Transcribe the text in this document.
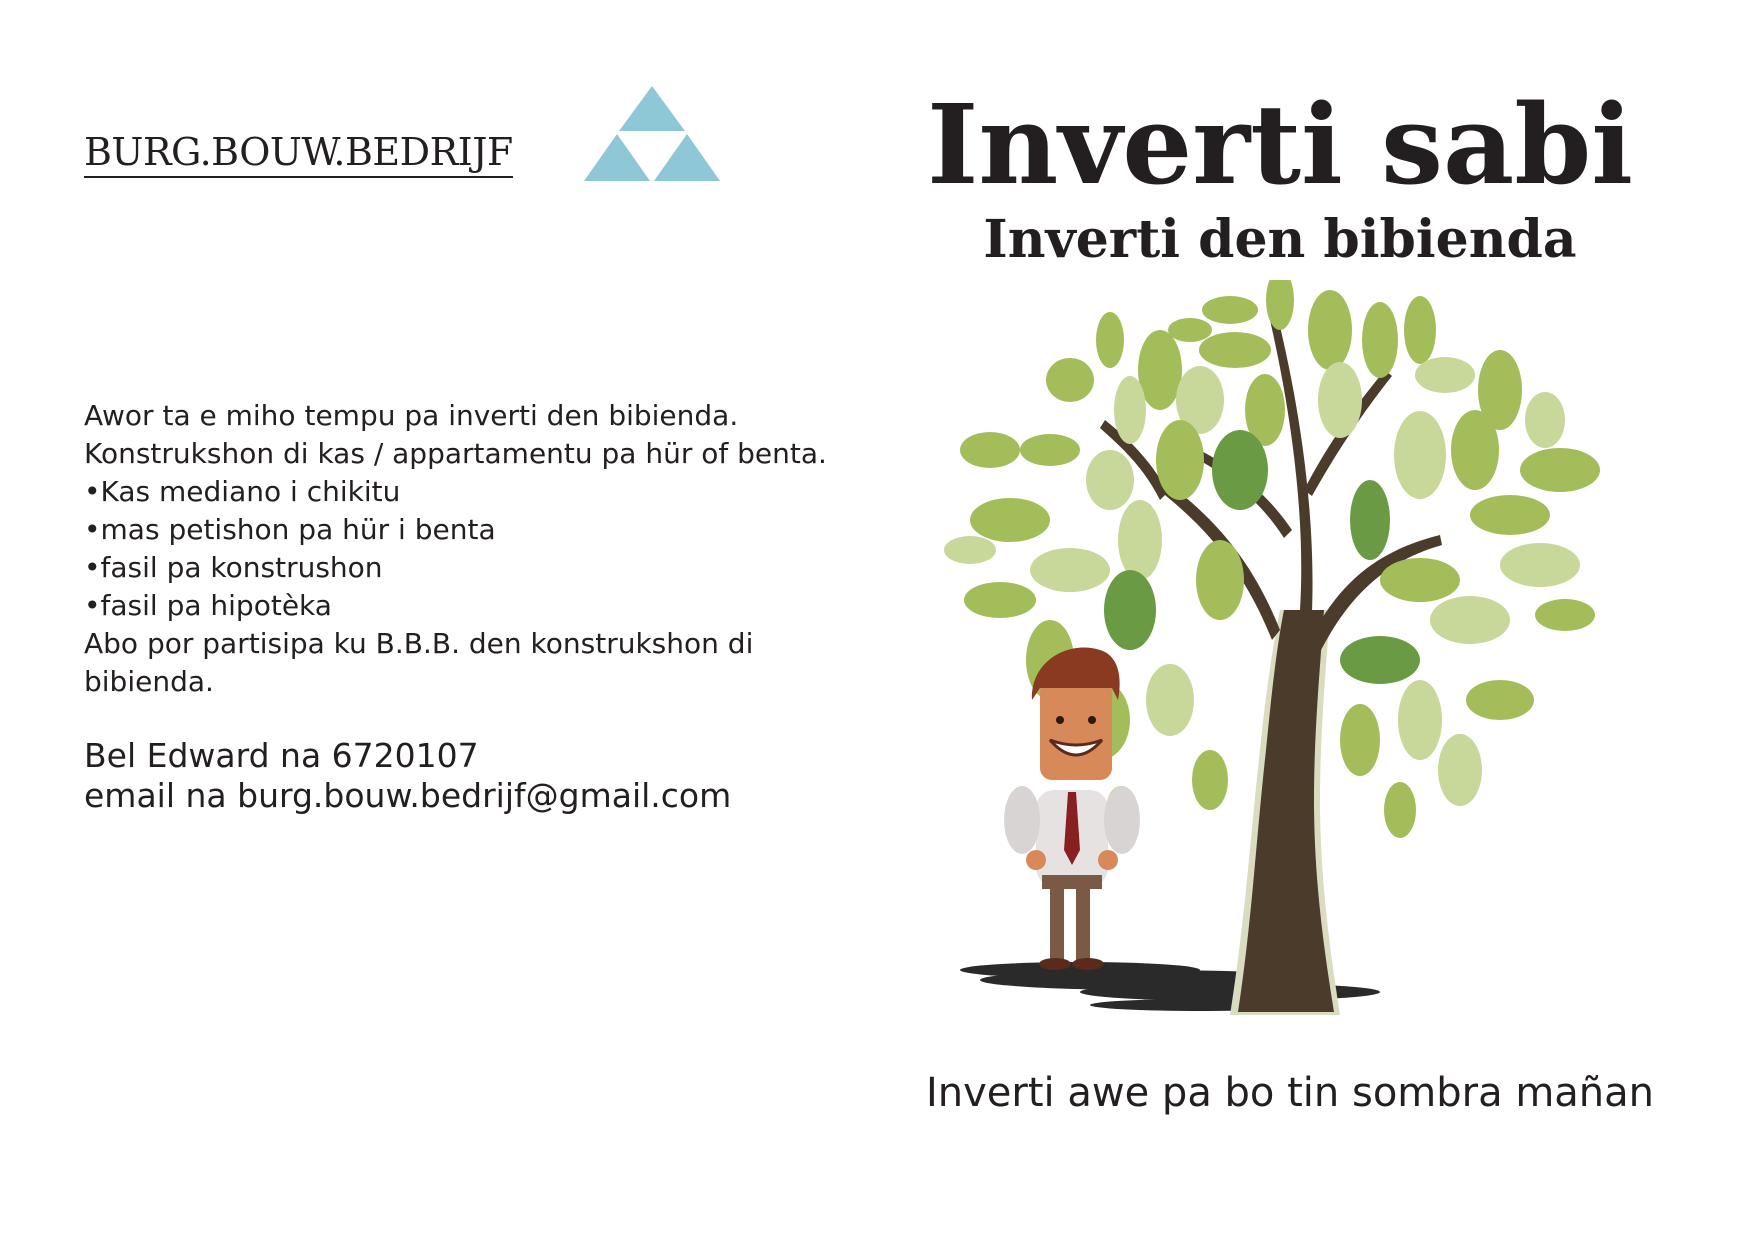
BURG.BOUW.BEDRIJF	Inverti sabi
Inverti den bibienda
Awor ta e miho tempu pa inverti den bibienda.
Konstrukshon di kas / appartamentu pa hür of benta.
•Kas mediano i chikitu
•mas petishon pa hür i benta
•fasil pa konstrushon
•fasil pa hipotèka
Abo por partisipa ku B.B.B. den konstrukshon di bibienda.
Bel Edward na 6720107
email na burg.bouw.bedrijf@gmail.com
Inverti awe pa bo tin sombra mañan
